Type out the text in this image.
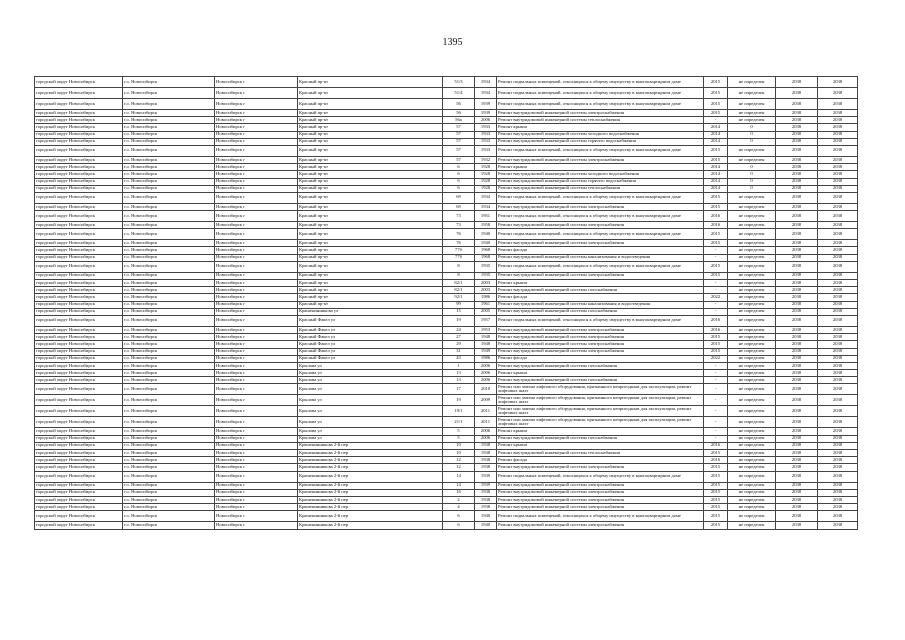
1395
городской округ Новосибирск	г.о. Новосибирск	Новосибирск г	Красный пр-кт	51/3	1934	Ремонт подвальных помещений, относящихся к общему имуществу в многоквартирном доме	2015	не определен	2038	2038
городской округ Новосибирск	г.о. Новосибирск	Новосибирск г	Красный пр-кт	51/4	1934	Ремонт подвальных помещений, относящихся к общему имуществу в многоквартирном доме	2015	не определен	2038	2038
городской округ Новосибирск	г.о. Новосибирск	Новосибирск г	Красный пр-кт	56	1939	Ремонт подвальных помещений, относящихся к общему имуществу в многоквартирном доме	2015	не определен	2038	2038
городской округ Новосибирск	г.о. Новосибирск	Новосибирск г	Красный пр-кт	56	1939	Ремонт внутридомовой инженерной системы электроснабжения	2015	не определен	2038	2038
городской округ Новосибирск	г.о. Новосибирск	Новосибирск г	Красный пр-кт	56а	2006	Ремонт внутридомовой инженерной системы теплоснабжения	-	не определен	2038	2038
городской округ Новосибирск	г.о. Новосибирск	Новосибирск г	Красный пр-кт	57	1933	Ремонт крыши	2014	0	2038	2038
городской округ Новосибирск	г.о. Новосибирск	Новосибирск г	Красный пр-кт	57	1933	Ремонт внутридомовой инженерной системы холодного водоснабжения	2014	0	2038	2038
городской округ Новосибирск	г.о. Новосибирск	Новосибирск г	Красный пр-кт	57	1933	Ремонт внутридомовой инженерной системы горячего водоснабжения	2014	0	2038	2038
городской округ Новосибирск	г.о. Новосибирск	Новосибирск г	Красный пр-кт	57	1933	Ремонт подвальных помещений, относящихся к общему имуществу в многоквартирном доме	2015	не определен	2038	2038
городской округ Новосибирск	г.о. Новосибирск	Новосибирск г	Красный пр-кт	57	1932	Ремонт внутридомовой инженерной системы электроснабжения	2015	не определен	2038	2038
городской округ Новосибирск	г.о. Новосибирск	Новосибирск г	Красный пр-кт	6	1928	Ремонт крыши	2014	0	2038	2038
городской округ Новосибирск	г.о. Новосибирск	Новосибирск г	Красный пр-кт	6	1928	Ремонт внутридомовой инженерной системы холодного водоснабжения	2014	0	2038	2038
городской округ Новосибирск	г.о. Новосибирск	Новосибирск г	Красный пр-кт	6	1928	Ремонт внутридомовой инженерной системы горячего водоснабжения	2014	0	2038	2038
городской округ Новосибирск	г.о. Новосибирск	Новосибирск г	Красный пр-кт	6	1928	Ремонт внутридомовой инженерной системы теплоснабжения	2014	0	2038	2038
городской округ Новосибирск	г.о. Новосибирск	Новосибирск г	Красный пр-кт	69	1934	Ремонт подвальных помещений, относящихся к общему имуществу в многоквартирном доме	2015	не определен	2038	2038
городской округ Новосибирск	г.о. Новосибирск	Новосибирск г	Красный пр-кт	69	1934	Ремонт внутридомовой инженерной системы электроснабжения	2015	не определен	2038	2038
городской округ Новосибирск	г.о. Новосибирск	Новосибирск г	Красный пр-кт	73	1951	Ремонт подвальных помещений, относящихся к общему имуществу в многоквартирном доме	2016	не определен	2038	2038
городской округ Новосибирск	г.о. Новосибирск	Новосибирск г	Красный пр-кт	73	1958	Ремонт внутридомовой инженерной системы электроснабжения	2016	не определен	2038	2038
городской округ Новосибирск	г.о. Новосибирск	Новосибирск г	Красный пр-кт	76	1940	Ремонт подвальных помещений, относящихся к общему имуществу в многоквартирном доме	2015	не определен	2038	2038
городской округ Новосибирск	г.о. Новосибирск	Новосибирск г	Красный пр-кт	76	1940	Ремонт внутридомовой инженерной системы электроснабжения	2015	не определен	2038	2038
городской округ Новосибирск	г.о. Новосибирск	Новосибирск г	Красный пр-кт	77б	1968	Ремонт фасада	-	не определен	2038	2038
городской округ Новосибирск	г.о. Новосибирск	Новосибирск г	Красный пр-кт	77б	1968	Ремонт внутридомовой инженерной системы канализования и водоотведения	-	не определен	2038	2038
городской округ Новосибирск	г.о. Новосибирск	Новосибирск г	Красный пр-кт	8	1935	Ремонт подвальных помещений, относящихся к общему имуществу в многоквартирном доме	2015	не определен	2038	2038
городской округ Новосибирск	г.о. Новосибирск	Новосибирск г	Красный пр-кт	8	1935	Ремонт внутридомовой инженерной системы электроснабжения	2015	не определен	2038	2038
городской округ Новосибирск	г.о. Новосибирск	Новосибирск г	Красный пр-кт	82/1	2003	Ремонт крыши	-	не определен	2038	2038
городской округ Новосибирск	г.о. Новосибирск	Новосибирск г	Красный пр-кт	82/1	2003	Ремонт внутридомовой инженерной системы газоснабжения	-	не определен	2038	2038
городской округ Новосибирск	г.о. Новосибирск	Новосибирск г	Красный пр-кт	92/1	1986	Ремонт фасада	2022	не определен	2038	2038
городской округ Новосибирск	г.о. Новосибирск	Новосибирск г	Красный пр-кт	99	1961	Ремонт внутридомовой инженерной системы канализования и водоотведения	-	не определен	2038	2038
городской округ Новосибирск	г.о. Новосибирск	Новосибирск г	Крашенинникова ул	15	2005	Ремонт внутридомовой инженерной системы газоснабжения	-	не определен	2038	2038
городской округ Новосибирск	г.о. Новосибирск	Новосибирск г	Красный Факел ул	19	1957	Ремонт подвальных помещений, относящихся к общему имуществу в многоквартирном доме	2016	не определен	2038	2038
городской округ Новосибирск	г.о. Новосибирск	Новосибирск г	Красный Факел ул	24	1953	Ремонт внутридомовой инженерной системы электроснабжения	2016	не определен	2038	2038
городской округ Новосибирск	г.о. Новосибирск	Новосибирск г	Красный Факел ул	27	1948	Ремонт внутридомовой инженерной системы электроснабжения	2015	не определен	2038	2038
городской округ Новосибирск	г.о. Новосибирск	Новосибирск г	Красный Факел ул	29	1948	Ремонт внутридомовой инженерной системы электроснабжения	2015	не определен	2038	2038
городской округ Новосибирск	г.о. Новосибирск	Новосибирск г	Красный Факел ул	31	1949	Ремонт внутридомовой инженерной системы электроснабжения	2015	не определен	2038	2038
городской округ Новосибирск	г.о. Новосибирск	Новосибирск г	Красный Факел ул	43	1986	Ремонт фасада	2022	не определен	2038	2038
городской округ Новосибирск	г.о. Новосибирск	Новосибирск г	Крылова ул	1	2006	Ремонт внутридомовой инженерной системы газоснабжения	-	не определен	2038	2038
городской округ Новосибирск	г.о. Новосибирск	Новосибирск г	Крылова ул	13	2006	Ремонт крыши	-	не определен	2038	2038
городской округ Новосибирск	г.о. Новосибирск	Новосибирск г	Крылова ул	13	2006	Ремонт внутридомовой инженерной системы газоснабжения	-	не определен	2038	2038
городской округ Новосибирск	г.о. Новосибирск	Новосибирск г	Крылова ул	17	2010	Ремонт или замена лифтового оборудования, признанного непригодным для эксплуатации, ремонт лифтовых шахт	-	не определен	2038	2038
городской округ Новосибирск	г.о. Новосибирск	Новосибирск г	Крылова ул	19	2009	Ремонт или замена лифтового оборудования, признанного непригодным для эксплуатации, ремонт лифтовых шахт	-	не определен	2038	2038
городской округ Новосибирск	г.о. Новосибирск	Новосибирск г	Крылова ул	19/1	2011	Ремонт или замена лифтового оборудования, признанного непригодным для эксплуатации, ремонт лифтовых шахт	-	не определен	2038	2038
городской округ Новосибирск	г.о. Новосибирск	Новосибирск г	Крылова ул	21/1	2011	Ремонт или замена лифтового оборудования, признанного непригодным для эксплуатации, ремонт лифтовых шахт	-	не определен	2038	2038
городской округ Новосибирск	г.о. Новосибирск	Новосибирск г	Крылова ул	5	2006	Ремонт крыши	-	не определен	2038	2038
городской округ Новосибирск	г.о. Новосибирск	Новосибирск г	Крылова ул	5	2006	Ремонт внутридомовой инженерной системы газоснабжения	-	не определен	2038	2038
городской округ Новосибирск	г.о. Новосибирск	Новосибирск г	Крашенинникова 2-й пер	10	1938	Ремонт крыши	2016	не определен	2038	2038
городской округ Новосибирск	г.о. Новосибирск	Новосибирск г	Крашенинникова 2-й пер	10	1938	Ремонт внутридомовой инженерной системы теплоснабжения	2015	не определен	2038	2038
городской округ Новосибирск	г.о. Новосибирск	Новосибирск г	Крашенинникова 2-й пер	12	1938	Ремонт фасада	2016	не определен	2038	2038
городской округ Новосибирск	г.о. Новосибирск	Новосибирск г	Крашенинникова 2-й пер	12	1938	Ремонт внутридомовой инженерной системы электроснабжения	2015	не определен	2038	2038
городской округ Новосибирск	г.о. Новосибирск	Новосибирск г	Крашенинникова 2-й пер	14	1939	Ремонт подвальных помещений, относящихся к общему имуществу в многоквартирном доме	2015	не определен	2038	2038
городской округ Новосибирск	г.о. Новосибирск	Новосибирск г	Крашенинникова 2-й пер	14	1939	Ремонт внутридомовой инженерной системы электроснабжения	2015	не определен	2038	2038
городской округ Новосибирск	г.о. Новосибирск	Новосибирск г	Крашенинникова 2-й пер	16	1938	Ремонт внутридомовой инженерной системы электроснабжения	2015	не определен	2038	2038
городской округ Новосибирск	г.о. Новосибирск	Новосибирск г	Крашенинникова 2-й пер	2	1938	Ремонт внутридомовой инженерной системы электроснабжения	2015	не определен	2038	2038
городской округ Новосибирск	г.о. Новосибирск	Новосибирск г	Крашенинникова 2-й пер	4	1938	Ремонт внутридомовой инженерной системы электроснабжения	2015	не определен	2038	2038
городской округ Новосибирск	г.о. Новосибирск	Новосибирск г	Крашенинникова 2-й пер	6	1940	Ремонт подвальных помещений, относящихся к общему имуществу в многоквартирном доме	2015	не определен	2038	2038
городской округ Новосибирск	г.о. Новосибирск	Новосибирск г	Крашенинникова 2-й пер	6	1940	Ремонт внутридомовой инженерной системы электроснабжения	2015	не определен	2038	2038
